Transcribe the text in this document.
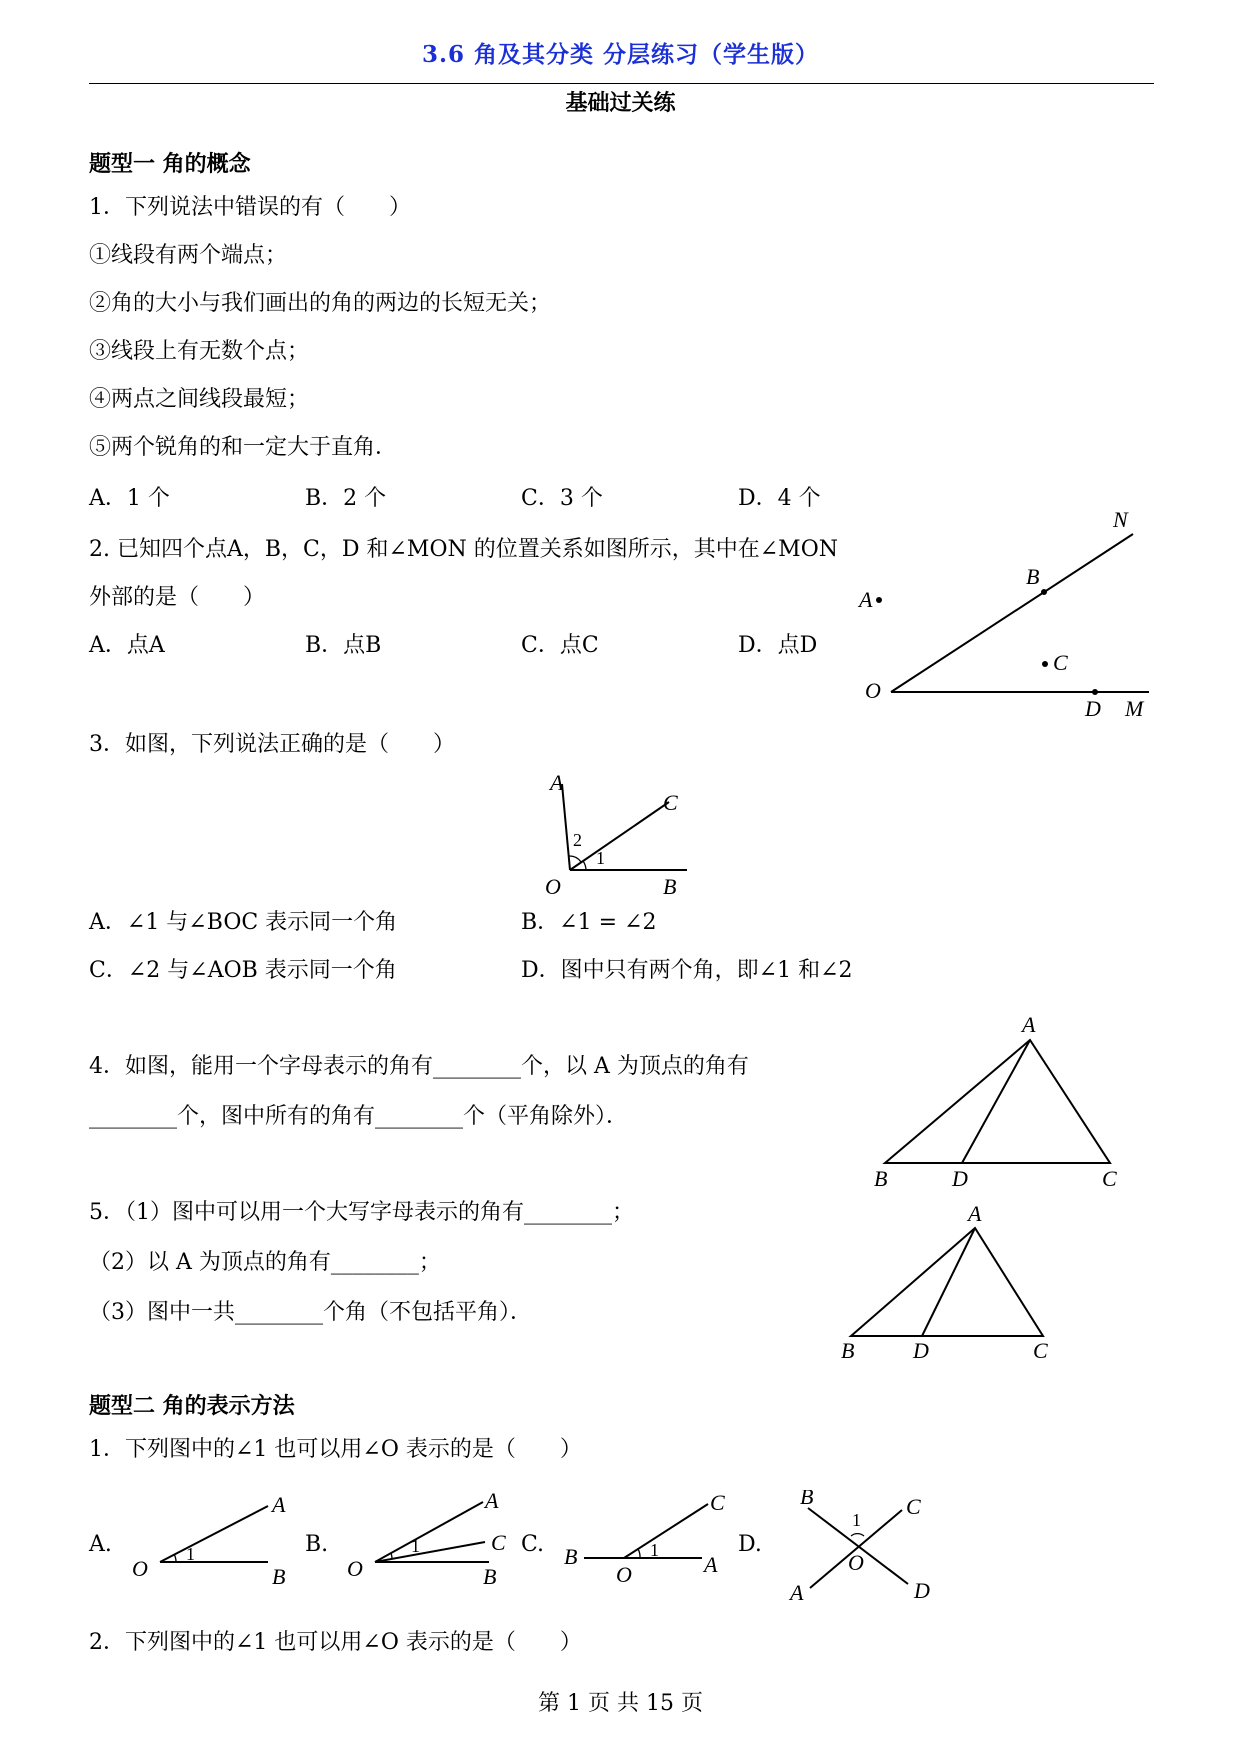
3.6 角及其分类 分层练习（学生版）
基础过关练
题型一 角的概念
1．下列说法中错误的有（　　）
①线段有两个端点；
②角的大小与我们画出的角的两边的长短无关；
③线段上有无数个点；
④两点之间线段最短；
⑤两个锐角的和一定大于直角．
A．1 个	B．2 个	C．3 个	D．4 个
2. 已知四个点A，B，C，D 和∠MON 的位置关系如图所示，其中在∠MON
外部的是（　　）
A．点A	B．点B	C．点C	D．点D
N
B
A
C
O
D M
3．如图，下列说法正确的是（　　）
A
C
2
1
O	B
A．∠1 与∠BOC 表示同一个角	B．∠1 = ∠2
C．∠2 与∠AOB 表示同一个角	D．图中只有两个角，即∠1 和∠2
4．如图，能用一个字母表示的角有________个，以 A 为顶点的角有
________个，图中所有的角有________个（平角除外）．
A
B	D	C
5．（1）图中可以用一个大写字母表示的角有________；
（2）以 A 为顶点的角有________；
（3）图中一共________个角（不包括平角）．
A
B	D	C
题型二 角的表示方法
1．下列图中的∠1 也可以用∠O 表示的是（　　）
A.
A
O
1
B
B.
A
C
O
1
B
C.
C
B
O
1
A
D.
B	C
1
O
A	D
2．下列图中的∠1 也可以用∠O 表示的是（　　）
第 1 页 共 15 页
